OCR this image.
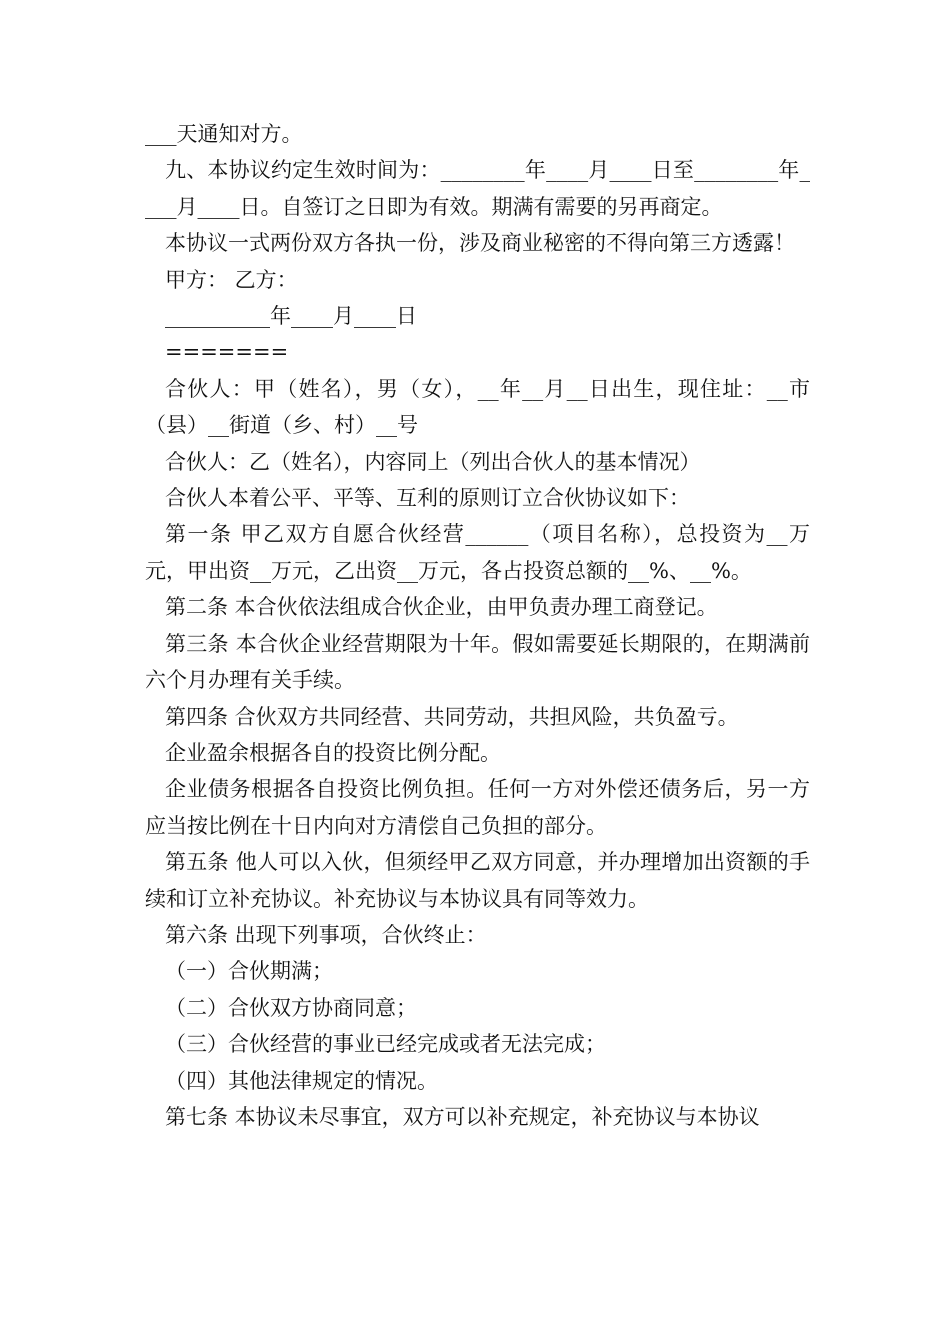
___天通知对方。

九、本协议约定生效时间为：________年____月____日至________年____月____日。自签订之日即为有效。期满有需要的另再商定。

本协议一式两份双方各执一份，涉及商业秘密的不得向第三方透露！

甲方： 乙方：

__________年____月____日

=======

合伙人：甲（姓名），男（女），__年__月__日出生，现住址：__市（县）__街道（乡、村）__号

合伙人：乙（姓名），内容同上（列出合伙人的基本情况）

合伙人本着公平、平等、互利的原则订立合伙协议如下：

第一条 甲乙双方自愿合伙经营______（项目名称），总投资为__万元，甲出资__万元，乙出资__万元，各占投资总额的__%、__%。

第二条 本合伙依法组成合伙企业，由甲负责办理工商登记。

第三条 本合伙企业经营期限为十年。假如需要延长期限的，在期满前六个月办理有关手续。

第四条 合伙双方共同经营、共同劳动，共担风险，共负盈亏。

企业盈余根据各自的投资比例分配。

企业债务根据各自投资比例负担。任何一方对外偿还债务后，另一方应当按比例在十日内向对方清偿自己负担的部分。

第五条 他人可以入伙，但须经甲乙双方同意，并办理增加出资额的手续和订立补充协议。补充协议与本协议具有同等效力。

第六条 出现下列事项，合伙终止：

（一）合伙期满；

（二）合伙双方协商同意；

（三）合伙经营的事业已经完成或者无法完成；

（四）其他法律规定的情况。

第七条 本协议未尽事宜，双方可以补充规定，补充协议与本协议
